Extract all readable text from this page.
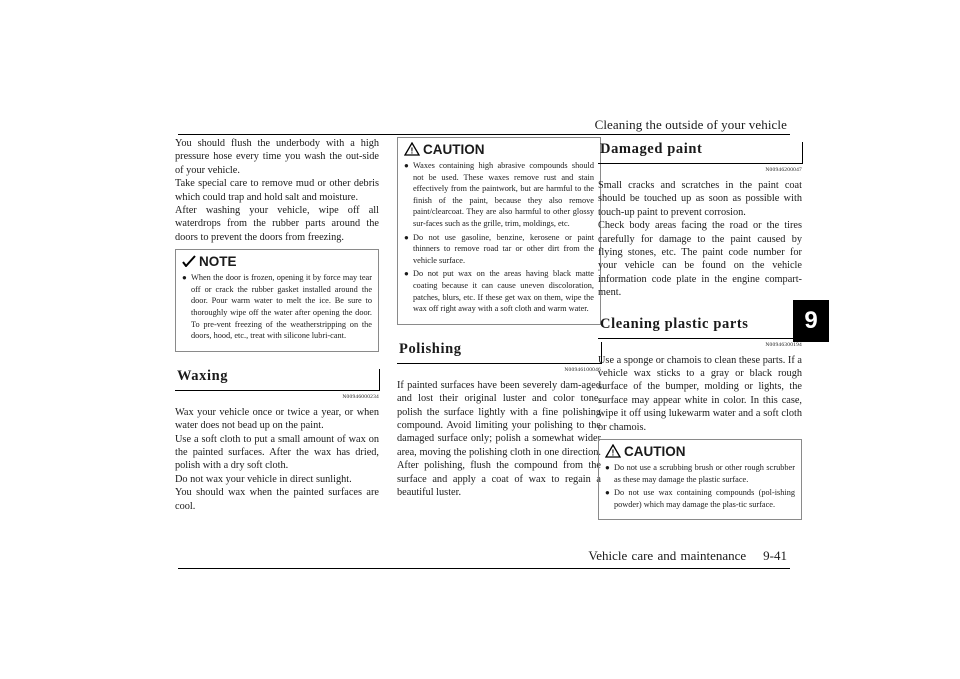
Cleaning the outside of your vehicle
9

You should flush the underbody with a high pressure hose every time you wash the out-side of your vehicle.

Take special care to remove mud or other debris which could trap and hold salt and moisture.

After washing your vehicle, wipe off all waterdrops from the rubber parts around the doors to prevent the doors from freezing.

NOTE
● When the door is frozen, opening it by force may tear off or crack the rubber gasket installed around the door. Pour warm water to melt the ice. Be sure to thoroughly wipe off the water after opening the door. To pre-vent freezing of the weatherstripping on the doors, hood, etc., treat with silicone lubri-cant.
Waxing
N00946000234

Wax your vehicle once or twice a year, or when water does not bead up on the paint.

Use a soft cloth to put a small amount of wax on the painted surfaces. After the wax has dried, polish with a dry soft cloth.

Do not wax your vehicle in direct sunlight.

You should wax when the painted surfaces are cool.

! CAUTION
● Waxes containing high abrasive compounds should not be used. These waxes remove rust and stain effectively from the paintwork, but are harmful to the finish of the paint, because they also remove paint/clearcoat. They are also harmful to other glossy sur-faces such as the grille, trim, moldings, etc.
● Do not use gasoline, benzine, kerosene or paint thinners to remove road tar or other dirt from the vehicle surface.
● Do not put wax on the areas having black matte coating because it can cause uneven discoloration, patches, blurs, etc. If these get wax on them, wipe the wax off right away with a soft cloth and warm water.
Polishing
N00946100046

If painted surfaces have been severely dam-aged and lost their original luster and color tone, polish the surface lightly with a fine polishing compound. Avoid limiting your polishing to the damaged surface only; polish a somewhat wider area, moving the polishing cloth in one direction. After polishing, flush the compound from the surface and apply a coat of wax to regain a beautiful luster.

Damaged paint
N00946200047

Small cracks and scratches in the paint coat should be touched up as soon as possible with touch-up paint to prevent corrosion.

Check body areas facing the road or the tires carefully for damage to the paint caused by flying stones, etc. The paint code number for your vehicle can be found on the vehicle information code plate in the engine compart-ment.

Cleaning plastic parts
N00946300194

Use a sponge or chamois to clean these parts. If a vehicle wax sticks to a gray or black rough surface of the bumper, molding or lights, the surface may appear white in color. In this case, wipe it off using lukewarm water and a soft cloth or chamois.

! CAUTION
● Do not use a scrubbing brush or other rough scrubber as these may damage the plastic surface.
● Do not use wax containing compounds (pol-ishing powder) which may damage the plas-tic surface.
Vehicle care and maintenance 9-41
